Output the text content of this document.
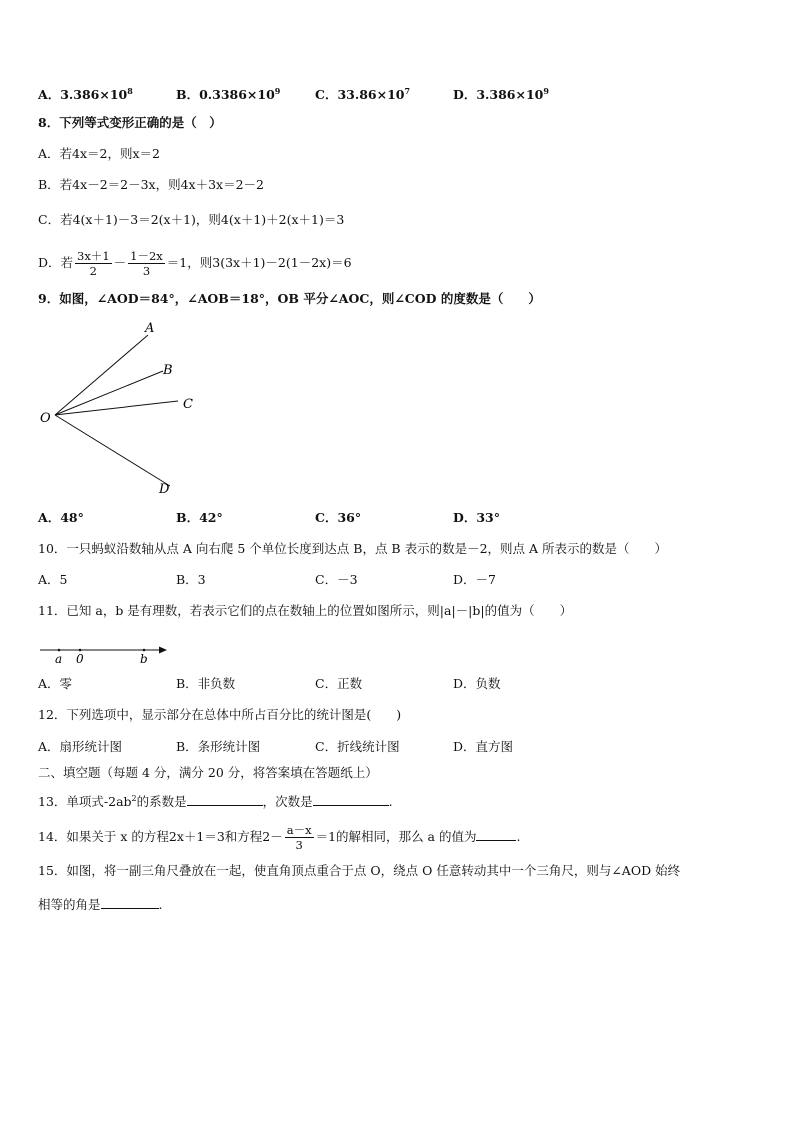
A．$3.386\times 10^8$	B．$0.3386\times 10^9$	C．$33.86\times 10^7$	D．$3.386\times 10^9$
8．下列等式变形正确的是（　）
A．若4x＝2，则x＝2
B．若4x－2＝2－3x，则4x＋3x＝2－2
C．若4(x＋1)－3＝2(x＋1)，则4(x＋1)＋2(x＋1)＝3
D．若 $\frac{3x+1}{2} - \frac{1-2x}{3} =1$，则3(3x＋1)－2(1－2x)＝6
9．如图，∠AOD＝84°，∠AOB＝18°，OB 平分∠AOC，则∠COD 的度数是（　　）
A
B
C
D
O
A．48°	B．42°	C．36°	D．33°
10．一只蚂蚁沿数轴从点 A 向右爬 5 个单位长度到达点 B，点 B 表示的数是－2，则点 A 所表示的数是（　　）
A．5	B．3	C．－3	D．－7
11．已知 a，b 是有理数，若表示它们的点在数轴上的位置如图所示，则|a|－|b|的值为（　　）
a 0	b
A．零	B．非负数	C．正数	D．负数
12．下列选项中，显示部分在总体中所占百分比的统计图是(　　)
A．扇形统计图	B．条形统计图	C．折线统计图	D．直方图
二、填空题（每题 4 分，满分 20 分，将答案填在答题纸上）
13．单项式$-2ab^2$的系数是	，次数是	.
14．如果关于 x 的方程2x＋1＝3和方程$2- \frac{a-x}{3} =1$的解相同，那么 a 的值为	.
15．如图，将一副三角尺叠放在一起，使直角顶点重合于点 O，绕点 O 任意转动其中一个三角尺，则与∠AOD 始终
相等的角是	.
